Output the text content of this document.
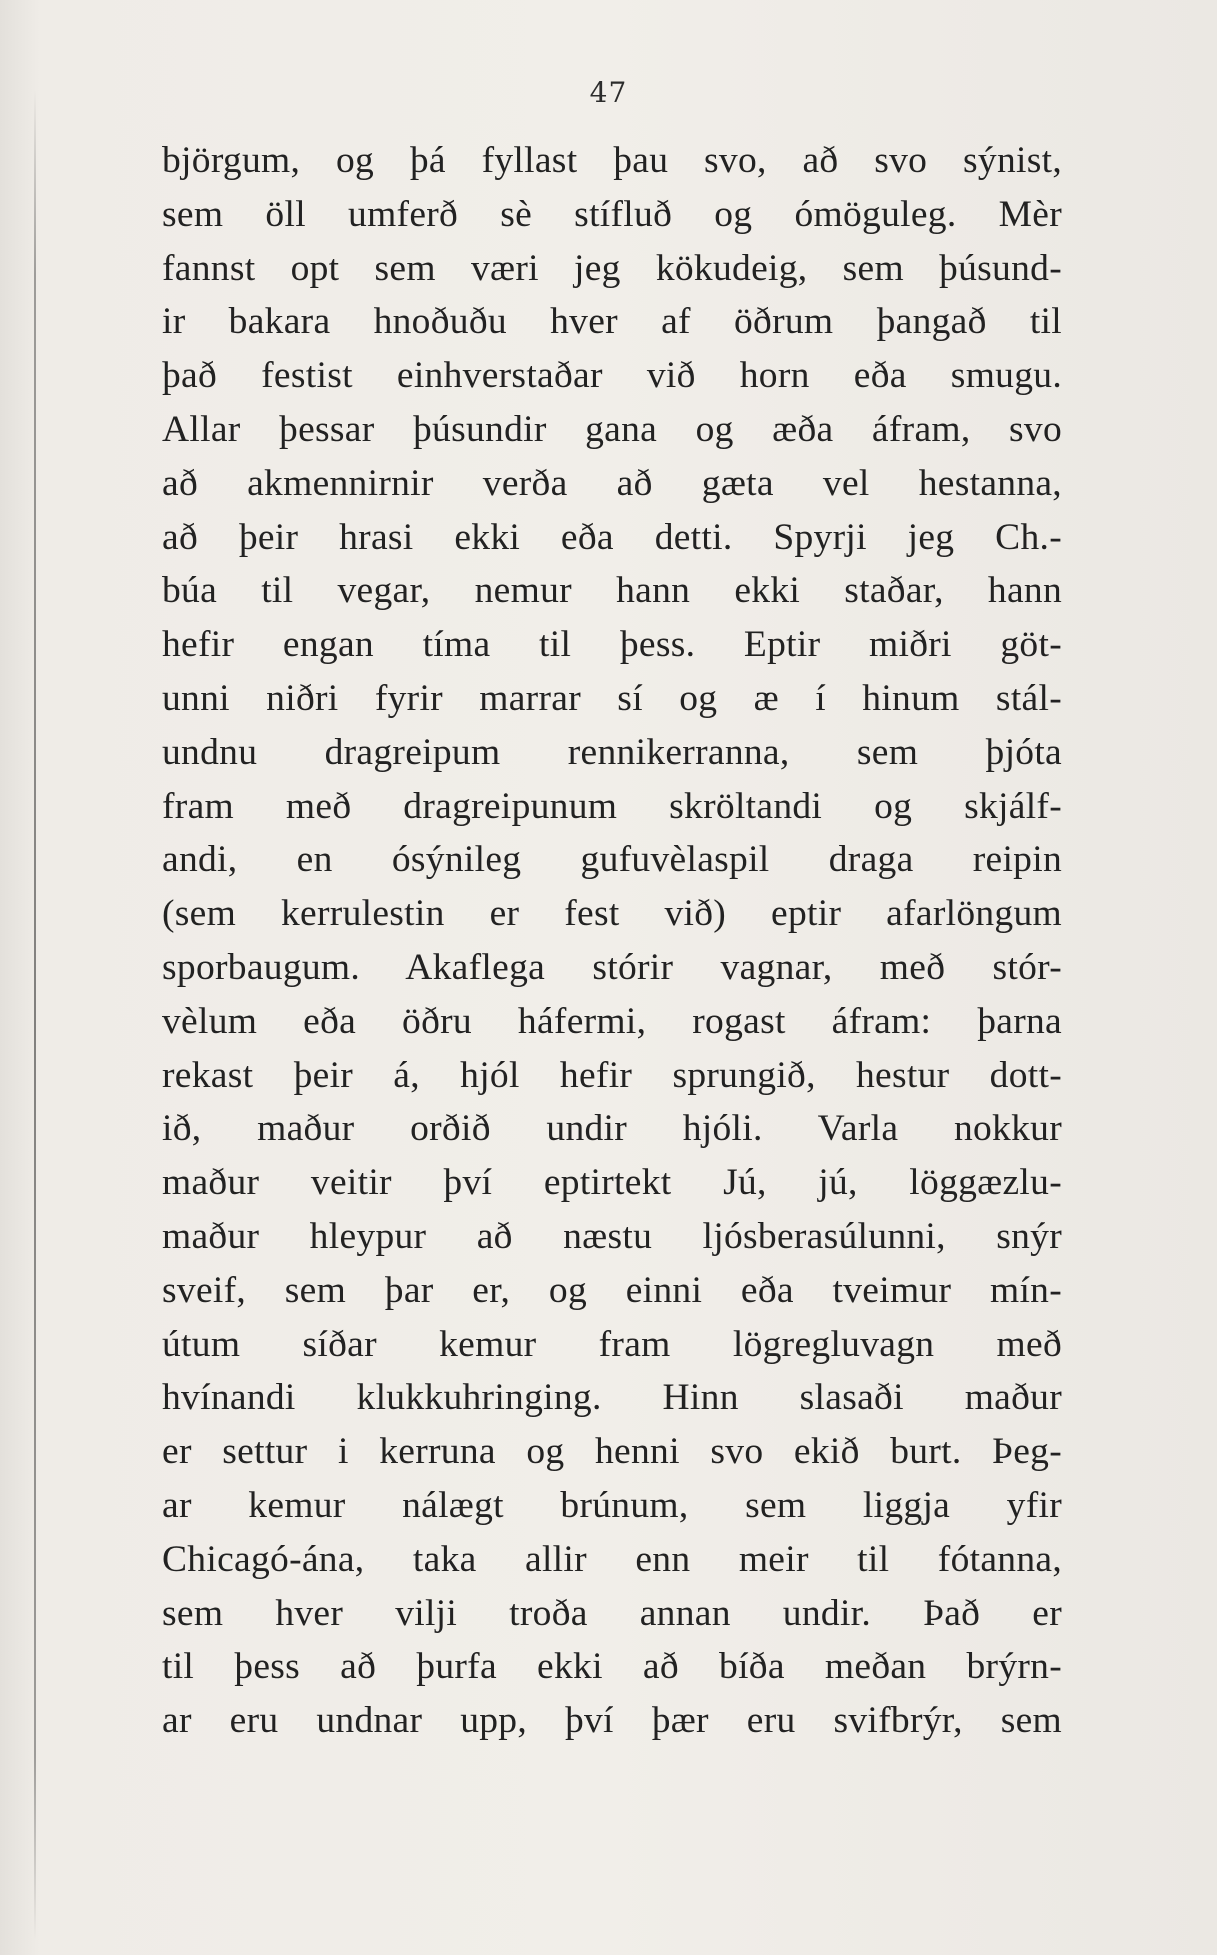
47
björgum, og þá fyllast þau svo, að svo sýnist,
sem öll umferð sè stífluð og ómöguleg. Mèr
fannst opt sem væri jeg kökudeig, sem þúsund-
ir bakara hnoðuðu hver af öðrum þangað til
það festist einhverstaðar við horn eða smugu.
Allar þessar þúsundir gana og æða áfram, svo
að akmennirnir verða að gæta vel hestanna,
að þeir hrasi ekki eða detti. Spyrji jeg Ch.-
búa til vegar, nemur hann ekki staðar, hann
hefir engan tíma til þess. Eptir miðri göt-
unni niðri fyrir marrar sí og æ í hinum stál-
undnu dragreipum rennikerranna, sem þjóta
fram með dragreipunum skröltandi og skjálf-
andi, en ósýnileg gufuvèlaspil draga reipin
(sem kerrulestin er fest við) eptir afarlöngum
sporbaugum. Akaflega stórir vagnar, með stór-
vèlum eða öðru háfermi, rogast áfram: þarna
rekast þeir á, hjól hefir sprungið, hestur dott-
ið, maður orðið undir hjóli. Varla nokkur
maður veitir því eptirtekt Jú, jú, löggæzlu-
maður hleypur að næstu ljósberasúlunni, snýr
sveif, sem þar er, og einni eða tveimur mín-
útum síðar kemur fram lögregluvagn með
hvínandi klukkuhringing. Hinn slasaði maður
er settur i kerruna og henni svo ekið burt. Þeg-
ar kemur nálægt brúnum, sem liggja yfir
Chicagó-ána, taka allir enn meir til fótanna,
sem hver vilji troða annan undir. Það er
til þess að þurfa ekki að bíða meðan brýrn-
ar eru undnar upp, því þær eru svifbrýr, sem
